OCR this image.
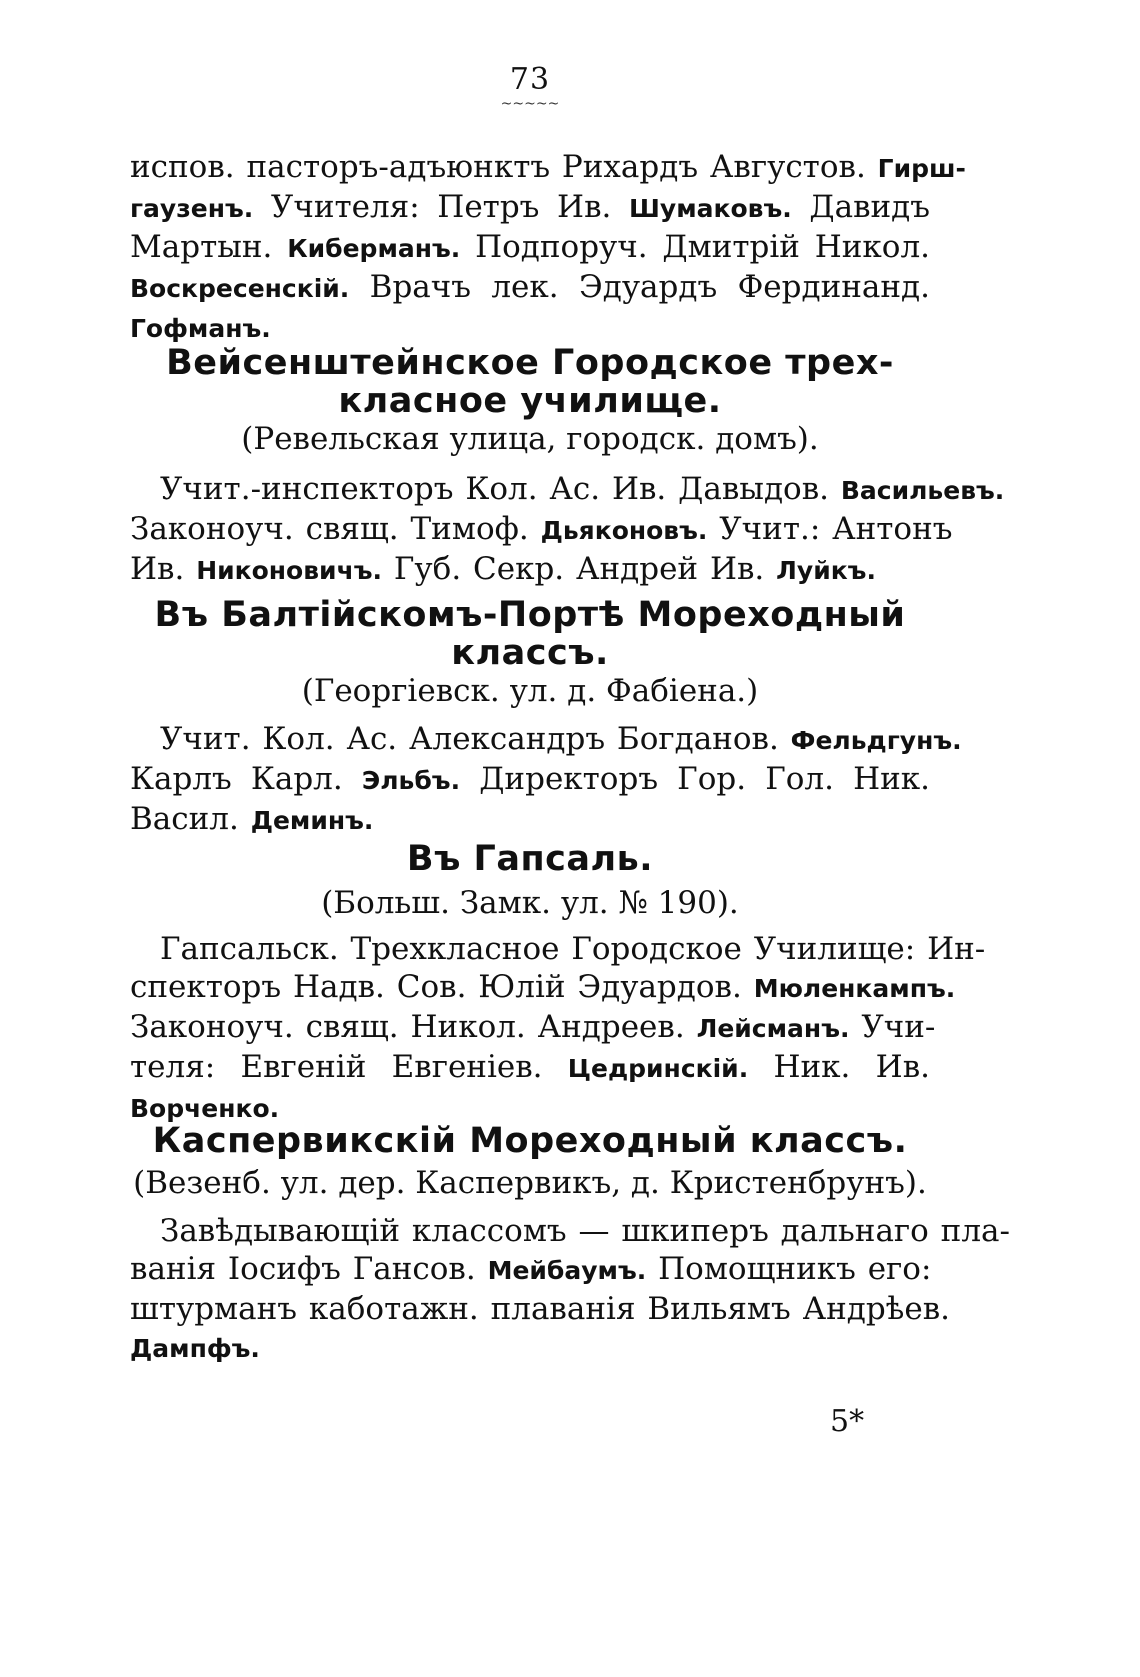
73
~~~~~
испов. пасторъ-адъюнктъ Рихардъ Августов. Гирш-
гаузенъ. Учителя: Петръ Ив. Шумаковъ. Давидъ
Мартын. Киберманъ. Подпоруч. Дмитрій Никол.
Воскресенскій. Врачъ лек. Эдуардъ Фердинанд.
Гофманъ.
Вейсенштейнское Городское трех-
класное училище.
(Ревельская улица, городск. домъ).
Учит.-инспекторъ Кол. Ас. Ив. Давыдов. Васильевъ.
Законоуч. свящ. Тимоф. Дьяконовъ. Учит.: Антонъ
Ив. Никоновичъ. Губ. Секр. Андрей Ив. Луйкъ.
Въ Балтійскомъ-Портѣ Мореходный
классъ.
(Георгіевск. ул. д. Фабіена.)
Учит. Кол. Ас. Александръ Богданов. Фельдгунъ.
Карлъ Карл. Эльбъ. Директоръ Гор. Гол. Ник.
Васил. Деминъ.
Въ Гапсаль.
(Больш. Замк. ул. № 190).
Гапсальск. Трехкласное Городское Училище: Ин-
спекторъ Надв. Сов. Юлій Эдуардов. Мюленкампъ.
Законоуч. свящ. Никол. Андреев. Лейсманъ. Учи-
теля: Евгеній Евгеніев. Цедринскій. Ник. Ив.
Ворченко.
Каспервикскій Мореходный классъ.
(Везенб. ул. дер. Каспервикъ, д. Кристенбрунъ).
Завѣдывающій классомъ — шкиперъ дальнаго пла-
ванія Іосифъ Гансов. Мейбаумъ. Помощникъ его:
штурманъ каботажн. плаванія Вильямъ Андрѣев.
Дампфъ.
5*
